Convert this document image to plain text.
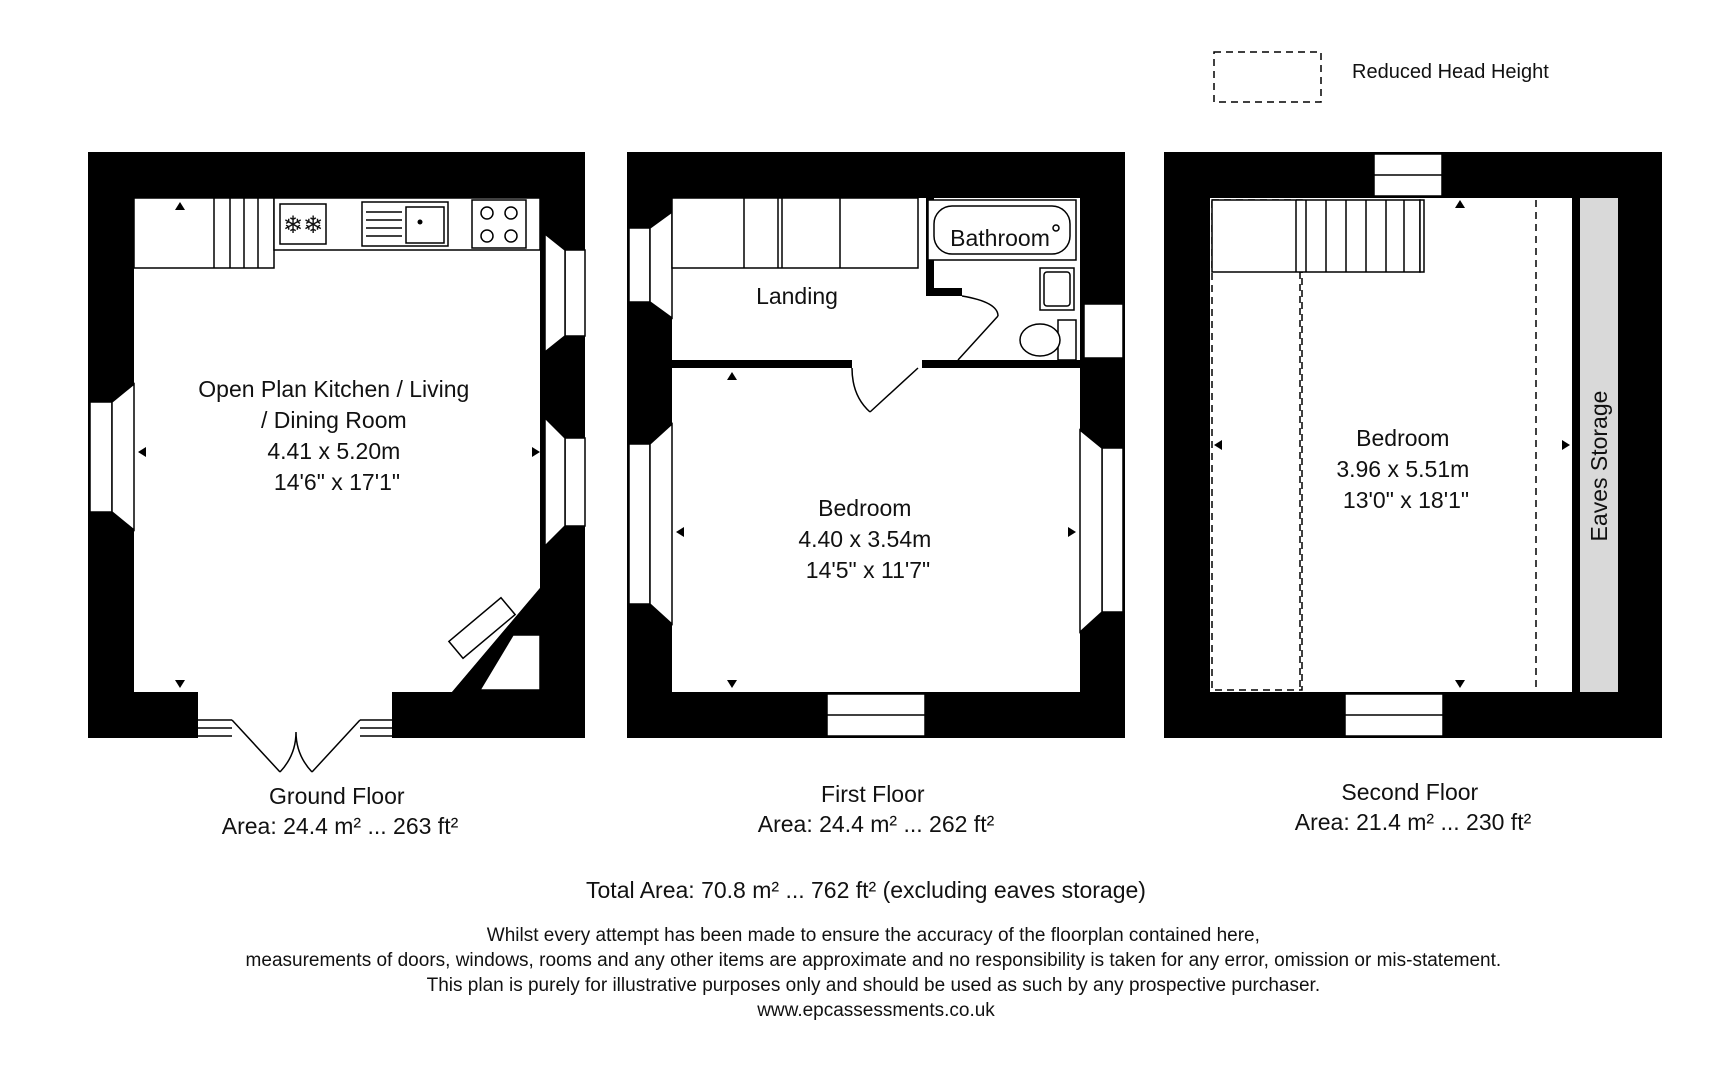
Reduced Head Height
❄❄
Open Plan Kitchen / Living / Dining Room 4.41 x 5.20m 14'6" x 17'1"
Ground Floor Area: 24.4 m² ... 263 ft²
Landing
Bathroom
Bedroom 4.40 x 3.54m 14'5" x 11'7"
First Floor Area: 24.4 m² ... 262 ft²
Bedroom 3.96 x 5.51m 13'0" x 18'1"	Eaves Storage
Second Floor Area: 21.4 m² ... 230 ft²
Total Area: 70.8 m² ... 762 ft² (excluding eaves storage)
Whilst every attempt has been made to ensure the accuracy of the floorplan contained here, measurements of doors, windows, rooms and any other items are approximate and no responsibility is taken for any error, omission or mis-statement. This plan is purely for illustrative purposes only and should be used as such by any prospective purchaser. www.epcassessments.co.uk
